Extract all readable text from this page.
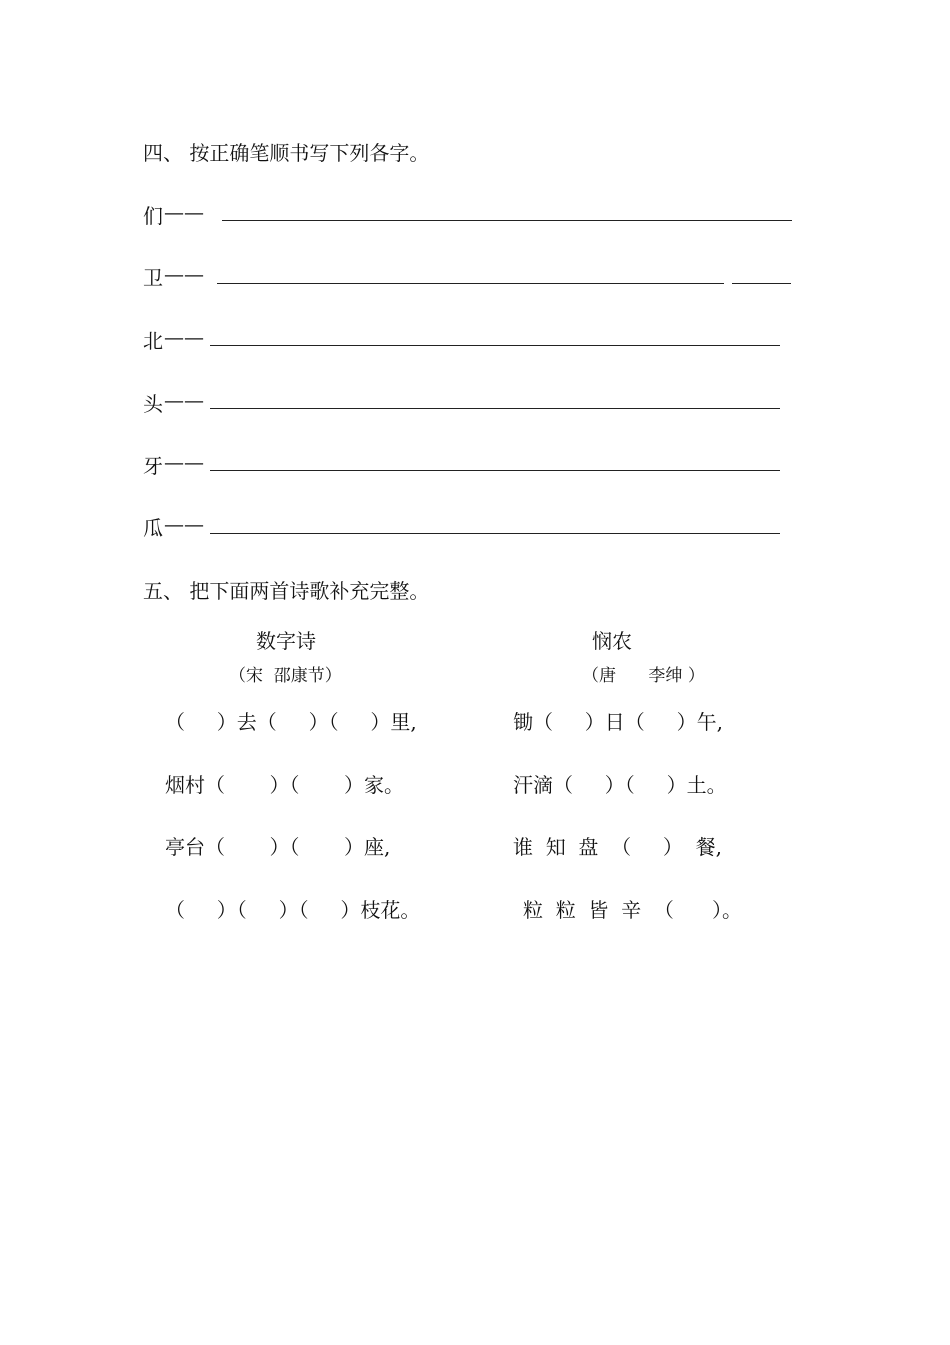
四、 按正确笔顺书写下列各字。
们 ——
卫 ——
北 ——
头 ——
牙 ——
瓜 ——
五、 把下面两首诗歌补充完整。
数字诗
（宋  邵康节）
（     ）去（     ）（     ）里,
烟村（       ）（       ）家。
亭台（       ）（       ）座,
（     ）（     ）（     ）枝花。
悯农
（唐      李绅 ）
锄（     ）日（     ）午,
汗滴（     ）（     ）土。
谁  知  盘  （     ）  餐,
粒  粒  皆  辛  （      ）。
